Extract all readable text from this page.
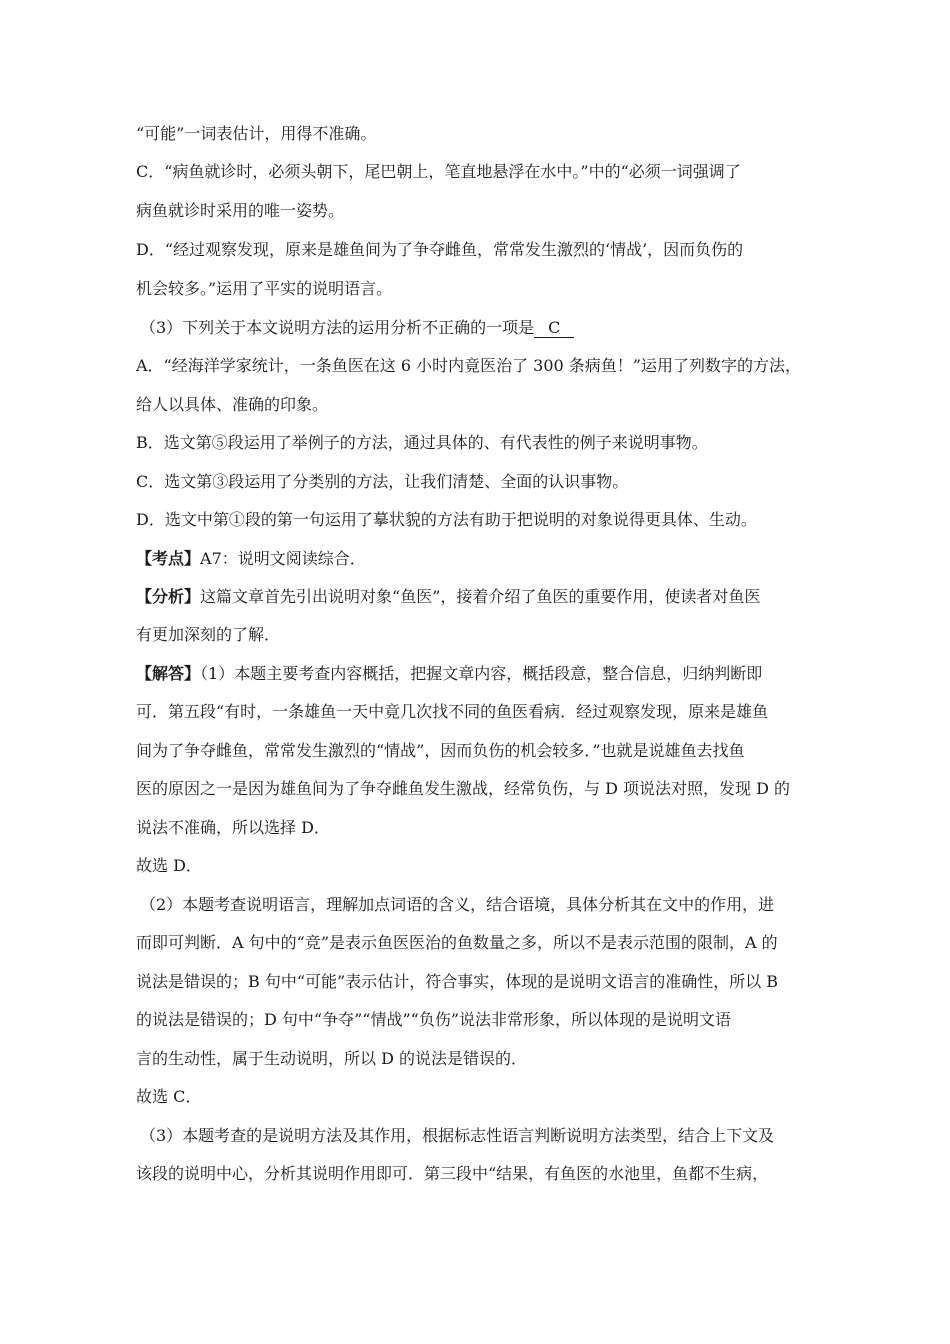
“可能”一词表估计，用得不准确。
C．“病鱼就诊时，必须头朝下，尾巴朝上，笔直地悬浮在水中。”中的“必须一词强调了
病鱼就诊时采用的唯一姿势。
D．“经过观察发现，原来是雄鱼间为了争夺雌鱼，常常发生激烈的‘情战’，因而负伤的
机会较多。”运用了平实的说明语言。
（3）下列关于本文说明方法的运用分析不正确的一项是 C
A．“经海洋学家统计，一条鱼医在这 6 小时内竟医治了 300 条病鱼！”运用了列数字的方法，
给人以具体、准确的印象。
B．选文第⑤段运用了举例子的方法，通过具体的、有代表性的例子来说明事物。
C．选文第③段运用了分类别的方法，让我们清楚、全面的认识事物。
D．选文中第①段的第一句运用了摹状貌的方法有助于把说明的对象说得更具体、生动。
【考点】A7：说明文阅读综合．
【分析】这篇文章首先引出说明对象“鱼医”，接着介绍了鱼医的重要作用，使读者对鱼医
有更加深刻的了解．
【解答】（1）本题主要考查内容概括，把握文章内容，概括段意，整合信息，归纳判断即
可．第五段“有时，一条雄鱼一天中竟几次找不同的鱼医看病．经过观察发现，原来是雄鱼
间为了争夺雌鱼，常常发生激烈的“情战”，因而负伤的机会较多．”也就是说雄鱼去找鱼
医的原因之一是因为雄鱼间为了争夺雌鱼发生激战，经常负伤，与 D 项说法对照，发现 D 的
说法不准确，所以选择 D．
故选 D．
（2）本题考查说明语言，理解加点词语的含义，结合语境，具体分析其在文中的作用，进
而即可判断．A 句中的“竞”是表示鱼医医治的鱼数量之多，所以不是表示范围的限制，A 的
说法是错误的；B 句中“可能”表示估计，符合事实，体现的是说明文语言的准确性，所以 B
的说法是错误的；D 句中“争夺”“情战”“负伤”说法非常形象，所以体现的是说明文语
言的生动性，属于生动说明，所以 D 的说法是错误的．
故选 C．
（3）本题考查的是说明方法及其作用，根据标志性语言判断说明方法类型，结合上下文及
该段的说明中心，分析其说明作用即可．第三段中“结果，有鱼医的水池里，鱼都不生病，
